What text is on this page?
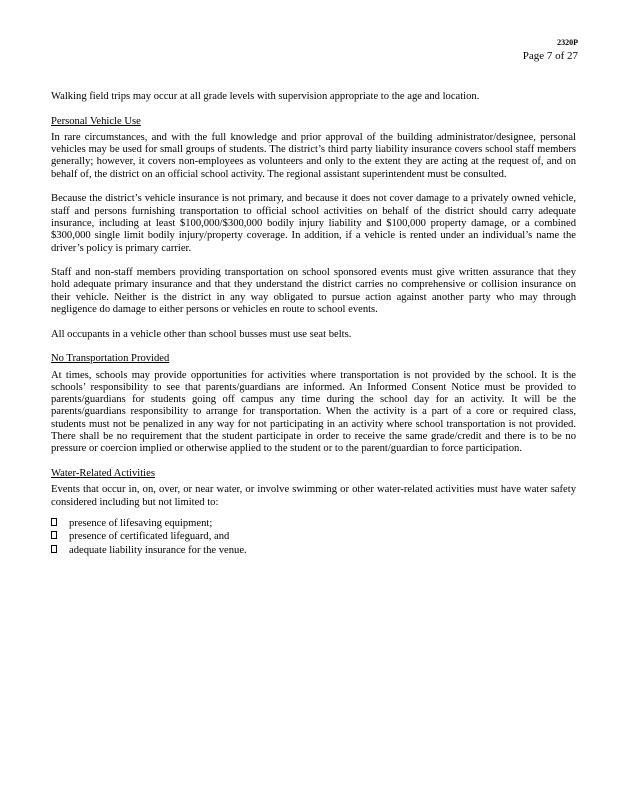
2320P
Page 7 of 27

Walking field trips may occur at all grade levels with supervision appropriate to the age and location.

Personal Vehicle Use

In rare circumstances, and with the full knowledge and prior approval of the building administrator/designee, personal vehicles may be used for small groups of students. The district’s third party liability insurance covers school staff members generally; however, it covers non-employees as volunteers and only to the extent they are acting at the request of, and on behalf of, the district on an official school activity. The regional assistant superintendent must be consulted.

Because the district’s vehicle insurance is not primary, and because it does not cover damage to a privately owned vehicle, staff and persons furnishing transportation to official school activities on behalf of the district should carry adequate insurance, including at least $100,000/$300,000 bodily injury liability and $100,000 property damage, or a combined $300,000 single limit bodily injury/property coverage. In addition, if a vehicle is rented under an individual’s name the driver’s policy is primary carrier.

Staff and non-staff members providing transportation on school sponsored events must give written assurance that they hold adequate primary insurance and that they understand the district carries no comprehensive or collision insurance on their vehicle. Neither is the district in any way obligated to pursue action against another party who may through negligence do damage to either persons or vehicles en route to school events.

All occupants in a vehicle other than school busses must use seat belts.

No Transportation Provided

At times, schools may provide opportunities for activities where transportation is not provided by the school. It is the schools’ responsibility to see that parents/guardians are informed. An Informed Consent Notice must be provided to parents/guardians for students going off campus any time during the school day for an activity. It will be the parents/guardians responsibility to arrange for transportation. When the activity is a part of a core or required class, students must not be penalized in any way for not participating in an activity where school transportation is not provided. There shall be no requirement that the student participate in order to receive the same grade/credit and there is to be no pressure or coercion implied or otherwise applied to the student or to the parent/guardian to force participation.

Water-Related Activities

Events that occur in, on, over, or near water, or involve swimming or other water-related activities must have water safety considered including but not limited to:

presence of lifesaving equipment;
presence of certificated lifeguard, and
adequate liability insurance for the venue.
